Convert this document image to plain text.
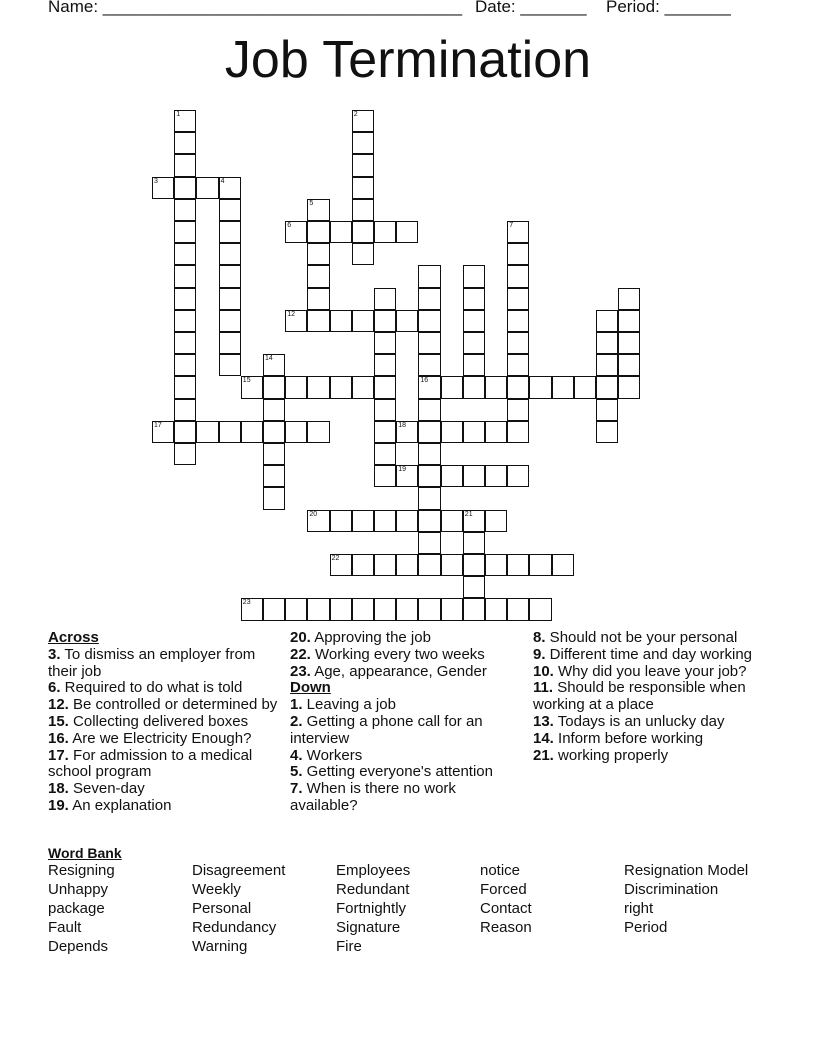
Name: ______________________________________ Date: _______ Period: _______
Job Termination
1	2
4
5
7
16
14
21
3
6
12
15
17	18
19
20
22
23
Across
3. To dismiss an employer from their job
6. Required to do what is told
12. Be controlled or determined by
15. Collecting delivered boxes
16. Are we Electricity Enough?
17. For admission to a medical school program
18. Seven-day
19. An explanation
20. Approving the job
22. Working every two weeks
23. Age, appearance, Gender
Down
1. Leaving a job
2. Getting a phone call for an interview
4. Workers
5. Getting everyone's attention
7. When is there no work available?
8. Should not be your personal
9. Different time and day working
10. Why did you leave your job?
11. Should be responsible when working at a place
13. Todays is an unlucky day
14. Inform before working
21. working properly
Word Bank
Resigning
Unhappy
package
Fault
Depends
Disagreement
Weekly
Personal
Redundancy
Warning
Employees
Redundant
Fortnightly
Signature
Fire
notice
Forced
Contact
Reason
Resignation Model
Discrimination
right
Period
